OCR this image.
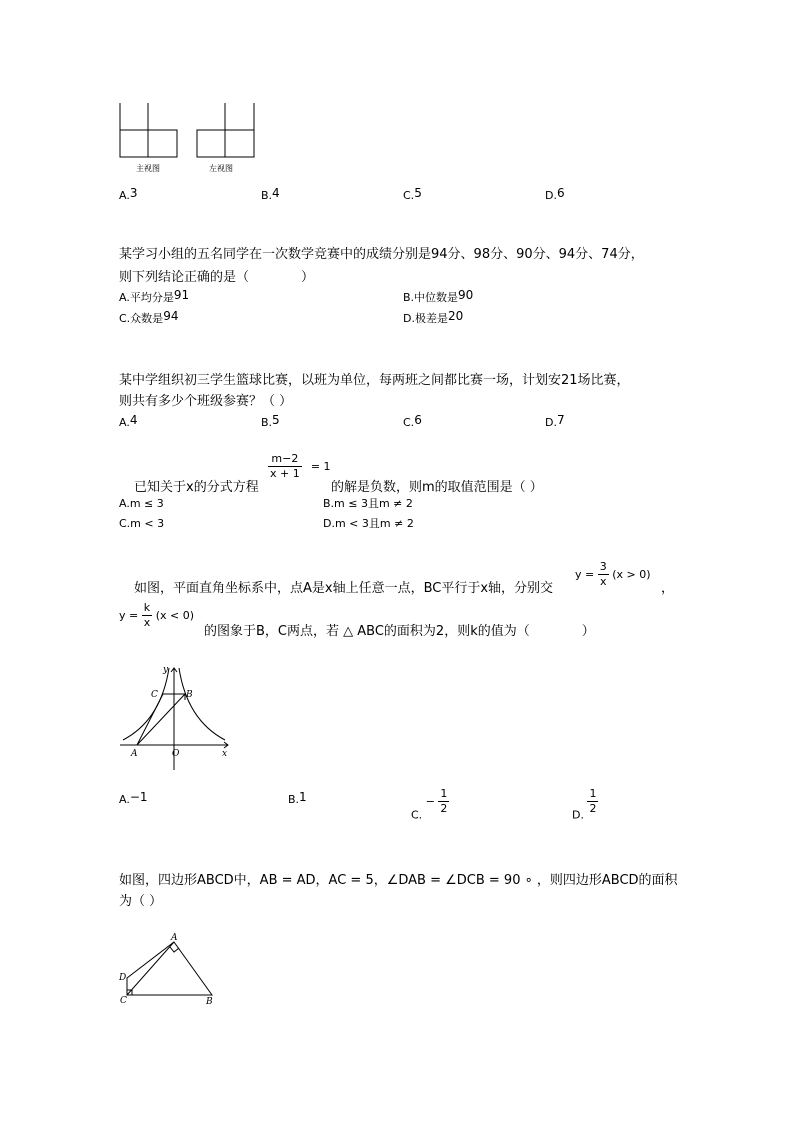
主视图	左视图
A.3	B.4	C.5	D.6
某学习小组的五名同学在一次数学竞赛中的成绩分别是94分、98分、90分、94分、74分，
则下列结论正确的是（　　　　）
A.平均分是91	B.中位数是90
C.众数是94	D.极差是20
某中学组织初三学生篮球比赛，以班为单位，每两班之间都比赛一场，计划安21场比赛，
则共有多少个班级参赛？（ ）
A.4	B.5	C.6	D.7
$\frac{m-2}{x + 1} = 1$
已知关于x的分式方程	的解是负数，则m的取值范围是（ ）
A.m ≤ 3	B.m ≤ 3且m ≠ 2
C.m < 3	D.m < 3且m ≠ 2
如图，平面直角坐标系中，点A是x轴上任意一点，BC平行于x轴，分别交
$y = \frac{3}{x} (x > 0)$
，
$y = \frac{k}{x} (x < 0)$
的图象于B，C两点，若 △ ABC的面积为2，则k的值为（　　　　）
y
x
C	B
A	O
A.−1	B.1
C. − $\frac{1}{2}$	D. $\frac{1}{2}$
如图，四边形ABCD中，AB = AD，AC = 5，∠DAB = ∠DCB = 90 ∘ ，则四边形ABCD的面积
为（ ）
A
D
C	B
